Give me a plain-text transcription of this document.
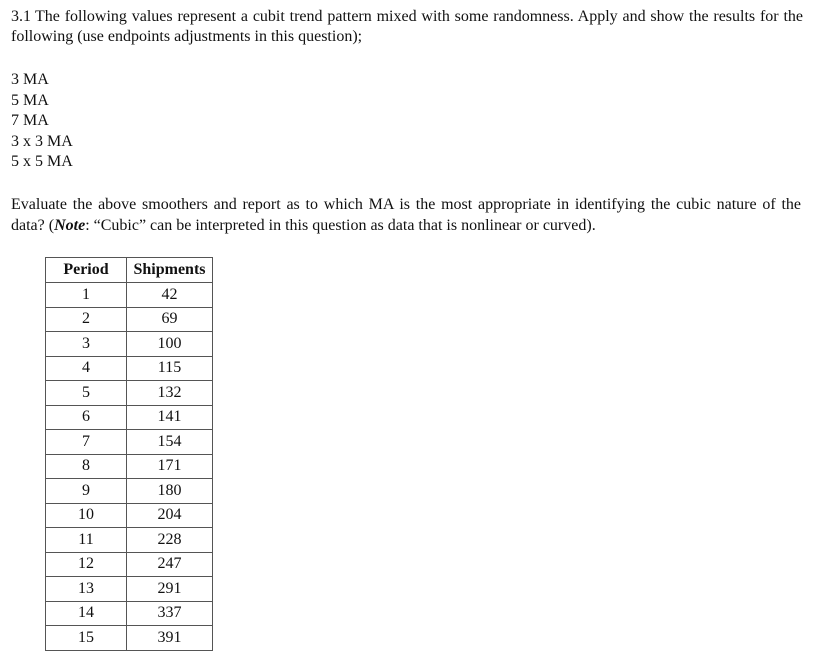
3.1 The following values represent a cubit trend pattern mixed with some randomness. Apply and show the results for the following (use endpoints adjustments in this question);

3 MA
5 MA
7 MA
3 x 3 MA
5 x 5 MA

Evaluate the above smoothers and report as to which MA is the most appropriate in identifying the cubic nature of the data? (Note: “Cubic” can be interpreted in this question as data that is nonlinear or curved).

Period	Shipments
1	42
2	69
3	100
4	115
5	132
6	141
7	154
8	171
9	180
10	204
11	228
12	247
13	291
14	337
15	391
